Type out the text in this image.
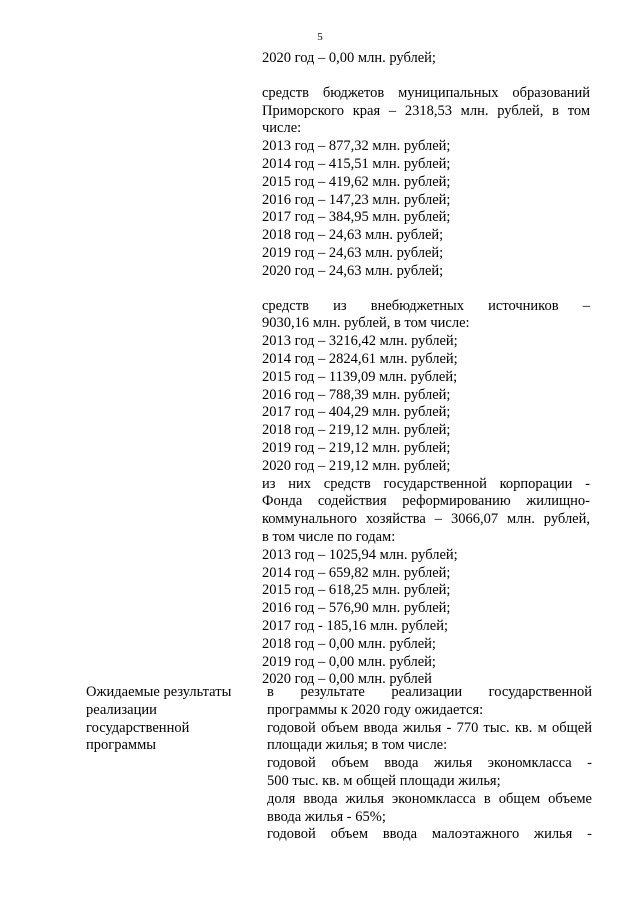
5
2020 год – 0,00 млн. рублей;
средств бюджетов муниципальных образований
Приморского края – 2318,53 млн. рублей, в том
числе:
2013 год – 877,32 млн. рублей;
2014 год – 415,51 млн. рублей;
2015 год – 419,62 млн. рублей;
2016 год – 147,23 млн. рублей;
2017 год – 384,95 млн. рублей;
2018 год – 24,63 млн. рублей;
2019 год – 24,63 млн. рублей;
2020 год – 24,63 млн. рублей;
средств из внебюджетных источников –
9030,16 млн. рублей, в том числе:
2013 год – 3216,42 млн. рублей;
2014 год – 2824,61 млн. рублей;
2015 год – 1139,09 млн. рублей;
2016 год – 788,39 млн. рублей;
2017 год – 404,29 млн. рублей;
2018 год – 219,12 млн. рублей;
2019 год – 219,12 млн. рублей;
2020 год – 219,12 млн. рублей;
из них средств государственной корпорации -
Фонда содействия реформированию жилищно-
коммунального хозяйства – 3066,07 млн. рублей,
в том числе по годам:
2013 год – 1025,94 млн. рублей;
2014 год – 659,82 млн. рублей;
2015 год – 618,25 млн. рублей;
2016 год – 576,90 млн. рублей;
2017 год - 185,16 млн. рублей;
2018 год – 0,00 млн. рублей;
2019 год – 0,00 млн. рублей;
2020 год – 0,00 млн. рублей
Ожидаемые результаты
реализации
государственной
программы
в результате реализации государственной
программы к 2020 году ожидается:
годовой объем ввода жилья - 770 тыс. кв. м общей
площади жилья; в том числе:
годовой объем ввода жилья экономкласса -
500 тыс. кв. м общей площади жилья;
доля ввода жилья экономкласса в общем объеме
ввода жилья - 65%;
годовой объем ввода малоэтажного жилья -
